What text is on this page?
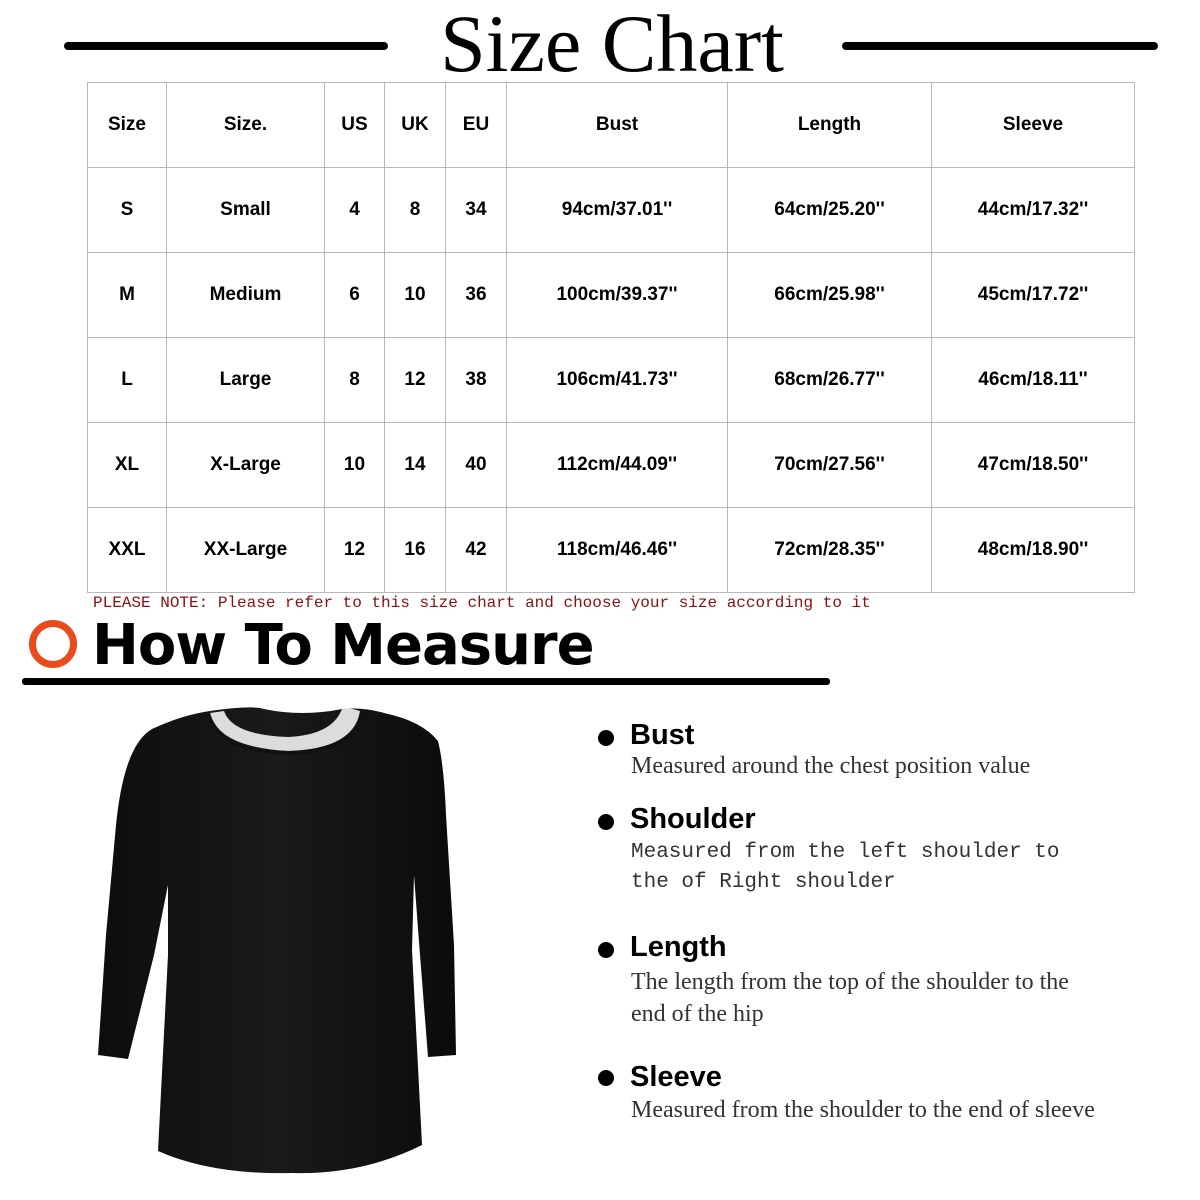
Size Chart
Size	Size.	US	UK	EU	Bust	Length	Sleeve
S	Small	4	8	34	94cm/37.01''	64cm/25.20''	44cm/17.32''
M	Medium	6	10	36	100cm/39.37''	66cm/25.98''	45cm/17.72''
L	Large	8	12	38	106cm/41.73''	68cm/26.77''	46cm/18.11''
XL	X-Large	10	14	40	112cm/44.09''	70cm/27.56''	47cm/18.50''
XXL	XX-Large	12	16	42	118cm/46.46''	72cm/28.35''	48cm/18.90''
PLEASE NOTE: Please refer to this size chart and choose your size according to it
How To Measure
Bust
Measured around the chest position value
Shoulder
Measured from the left shoulder to the of Right shoulder
Length
The length from the top of the shoulder to the end of the hip
Sleeve
Measured from the shoulder to the end of sleeve
